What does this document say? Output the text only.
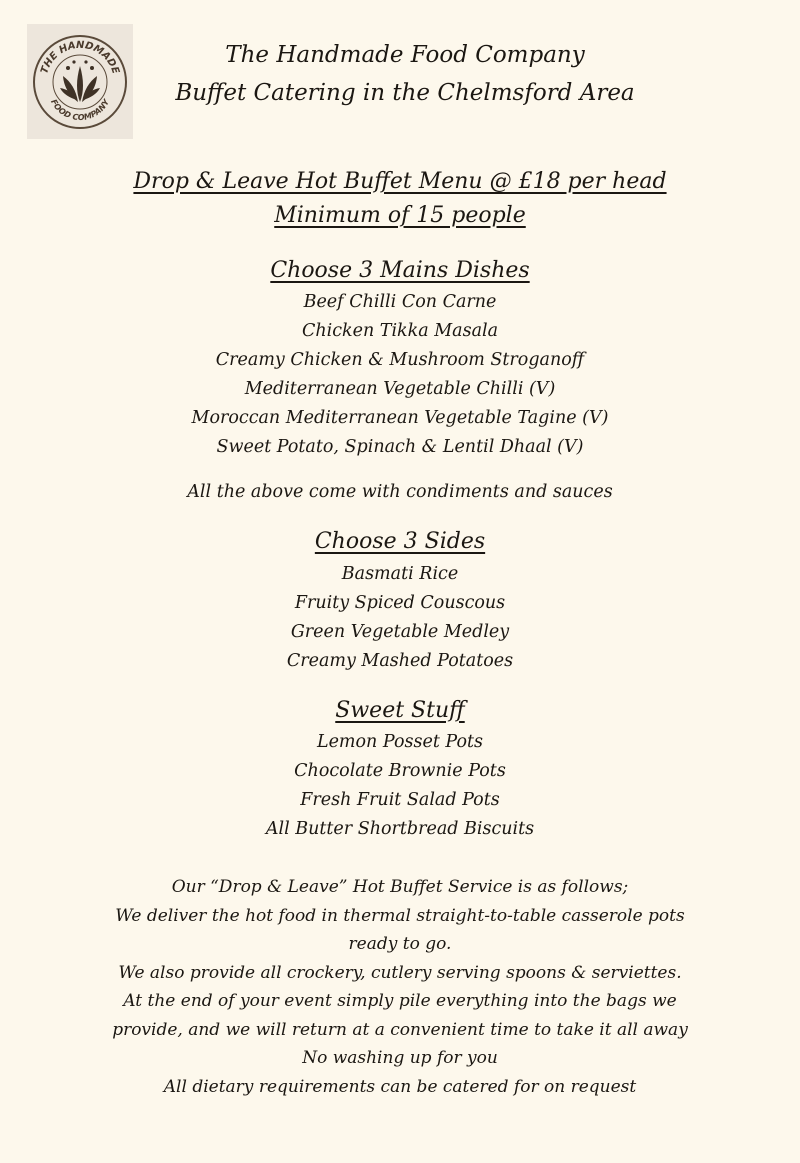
THE HANDMADE
FOOD COMPANY
The Handmade Food Company
Buffet Catering in the Chelmsford Area
Drop & Leave Hot Buffet Menu @ £18 per head
Minimum of 15 people
Choose 3 Mains Dishes
Beef Chilli Con Carne
Chicken Tikka Masala
Creamy Chicken & Mushroom Stroganoff
Mediterranean Vegetable Chilli (V)
Moroccan Mediterranean Vegetable Tagine (V)
Sweet Potato, Spinach & Lentil Dhaal (V)
All the above come with condiments and sauces
Choose 3 Sides
Basmati Rice
Fruity Spiced Couscous
Green Vegetable Medley
Creamy Mashed Potatoes
Sweet Stuff
Lemon Posset Pots
Chocolate Brownie Pots
Fresh Fruit Salad Pots
All Butter Shortbread Biscuits
Our “Drop & Leave” Hot Buffet Service is as follows;
We deliver the hot food in thermal straight-to-table casserole pots
ready to go.
We also provide all crockery, cutlery serving spoons & serviettes.
At the end of your event simply pile everything into the bags we
provide, and we will return at a convenient time to take it all away
No washing up for you
All dietary requirements can be catered for on request
